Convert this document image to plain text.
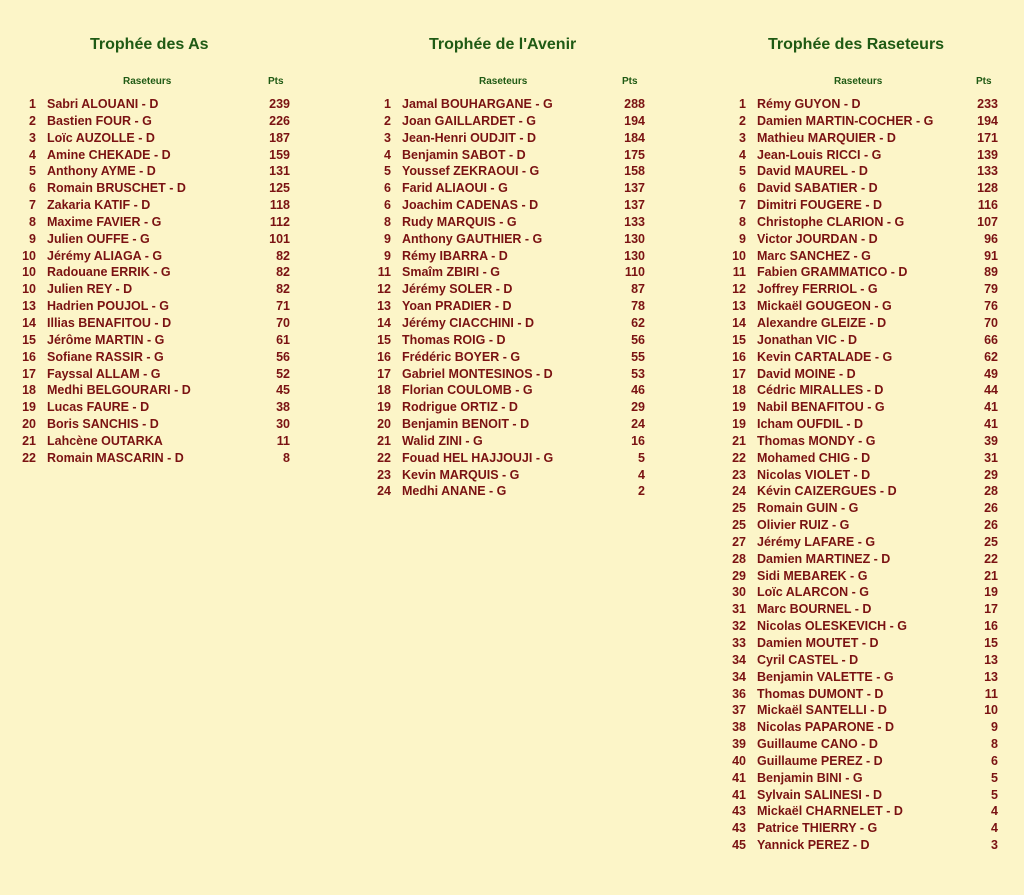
Trophée des As
Raseteurs	Pts
1 Sabri ALOUANI - D	239
2 Bastien FOUR - G	226
3 Loïc AUZOLLE - D	187
4 Amine CHEKADE - D	159
5 Anthony AYME - D	131
6 Romain BRUSCHET - D	125
7 Zakaria KATIF - D	118
8 Maxime FAVIER - G	112
9 Julien OUFFE - G	101
10 Jérémy ALIAGA - G	82
10 Radouane ERRIK - G	82
10 Julien REY - D	82
13 Hadrien POUJOL - G	71
14 Illias BENAFITOU - D	70
15 Jérôme MARTIN - G	61
16 Sofiane RASSIR - G	56
17 Fayssal ALLAM - G	52
18 Medhi BELGOURARI - D	45
19 Lucas FAURE - D	38
20 Boris SANCHIS - D	30
21 Lahcène OUTARKA	11
22 Romain MASCARIN - D	8
Trophée de l'Avenir
Raseteurs	Pts
1 Jamal BOUHARGANE - G	288
2 Joan GAILLARDET - G	194
3 Jean-Henri OUDJIT - D	184
4 Benjamin SABOT - D	175
5 Youssef ZEKRAOUI - G	158
6 Farid ALIAOUI - G	137
6 Joachim CADENAS - D	137
8 Rudy MARQUIS - G	133
9 Anthony GAUTHIER - G	130
9 Rémy IBARRA - D	130
11 Smaîm ZBIRI - G	110
12 Jérémy SOLER - D	87
13 Yoan PRADIER - D	78
14 Jérémy CIACCHINI - D	62
15 Thomas ROIG - D	56
16 Frédéric BOYER - G	55
17 Gabriel MONTESINOS - D	53
18 Florian COULOMB - G	46
19 Rodrigue ORTIZ - D	29
20 Benjamin BENOIT - D	24
21 Walid ZINI - G	16
22 Fouad HEL HAJJOUJI - G	5
23 Kevin MARQUIS - G	4
24 Medhi ANANE - G	2
Trophée des Raseteurs
Raseteurs	Pts
1 Rémy GUYON - D	233
2 Damien MARTIN-COCHER - G	194
3 Mathieu MARQUIER - D	171
4 Jean-Louis RICCI - G	139
5 David MAUREL - D	133
6 David SABATIER - D	128
7 Dimitri FOUGERE - D	116
8 Christophe CLARION - G	107
9 Victor JOURDAN - D	96
10 Marc SANCHEZ - G	91
11 Fabien GRAMMATICO - D	89
12 Joffrey FERRIOL - G	79
13 Mickaël GOUGEON - G	76
14 Alexandre GLEIZE - D	70
15 Jonathan VIC - D	66
16 Kevin CARTALADE - G	62
17 David MOINE - D	49
18 Cédric MIRALLES - D	44
19 Nabil BENAFITOU - G	41
19 Icham OUFDIL - D	41
21 Thomas MONDY - G	39
22 Mohamed CHIG - D	31
23 Nicolas VIOLET - D	29
24 Kévin CAIZERGUES - D	28
25 Romain GUIN - G	26
25 Olivier RUIZ - G	26
27 Jérémy LAFARE - G	25
28 Damien MARTINEZ - D	22
29 Sidi MEBAREK - G	21
30 Loïc ALARCON - G	19
31 Marc BOURNEL - D	17
32 Nicolas OLESKEVICH - G	16
33 Damien MOUTET - D	15
34 Cyril CASTEL - D	13
34 Benjamin VALETTE - G	13
36 Thomas DUMONT - D	11
37 Mickaël SANTELLI - D	10
38 Nicolas PAPARONE - D	9
39 Guillaume CANO - D	8
40 Guillaume PEREZ - D	6
41 Benjamin BINI - G	5
41 Sylvain SALINESI - D	5
43 Mickaël CHARNELET - D	4
43 Patrice THIERRY - G	4
45 Yannick PEREZ - D	3
